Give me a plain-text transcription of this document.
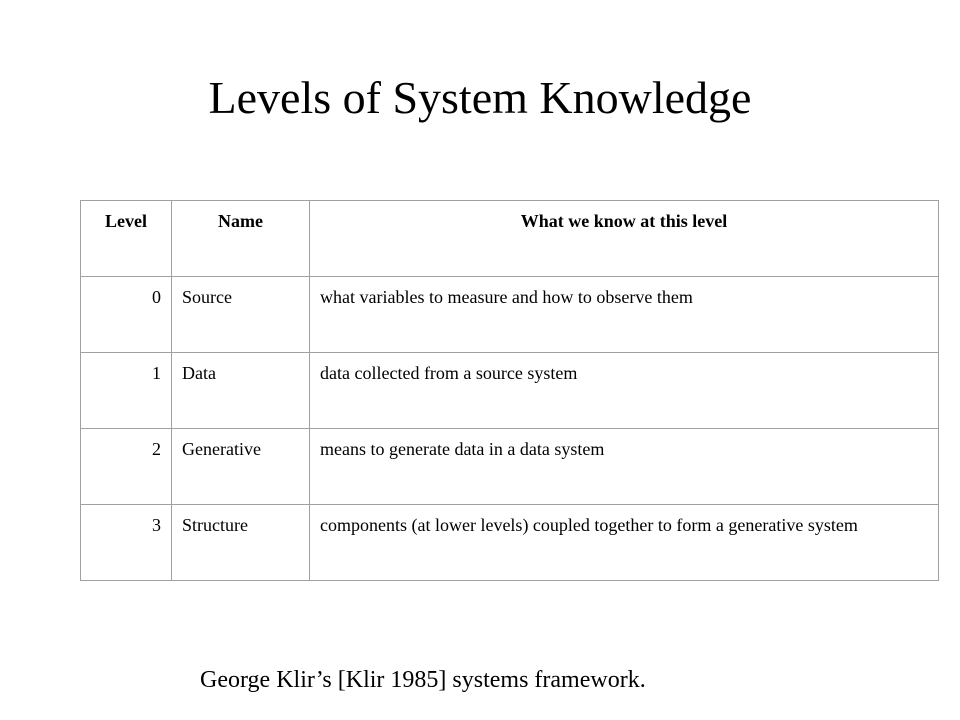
Levels of System Knowledge
Level	Name	What we know at this level
0	Source	what variables to measure and how to observe them
1	Data	data collected from a source system
2	Generative	means to generate data in a data system
3	Structure	components (at lower levels) coupled together to form a generative system

George Klir’s [Klir 1985] systems framework.
